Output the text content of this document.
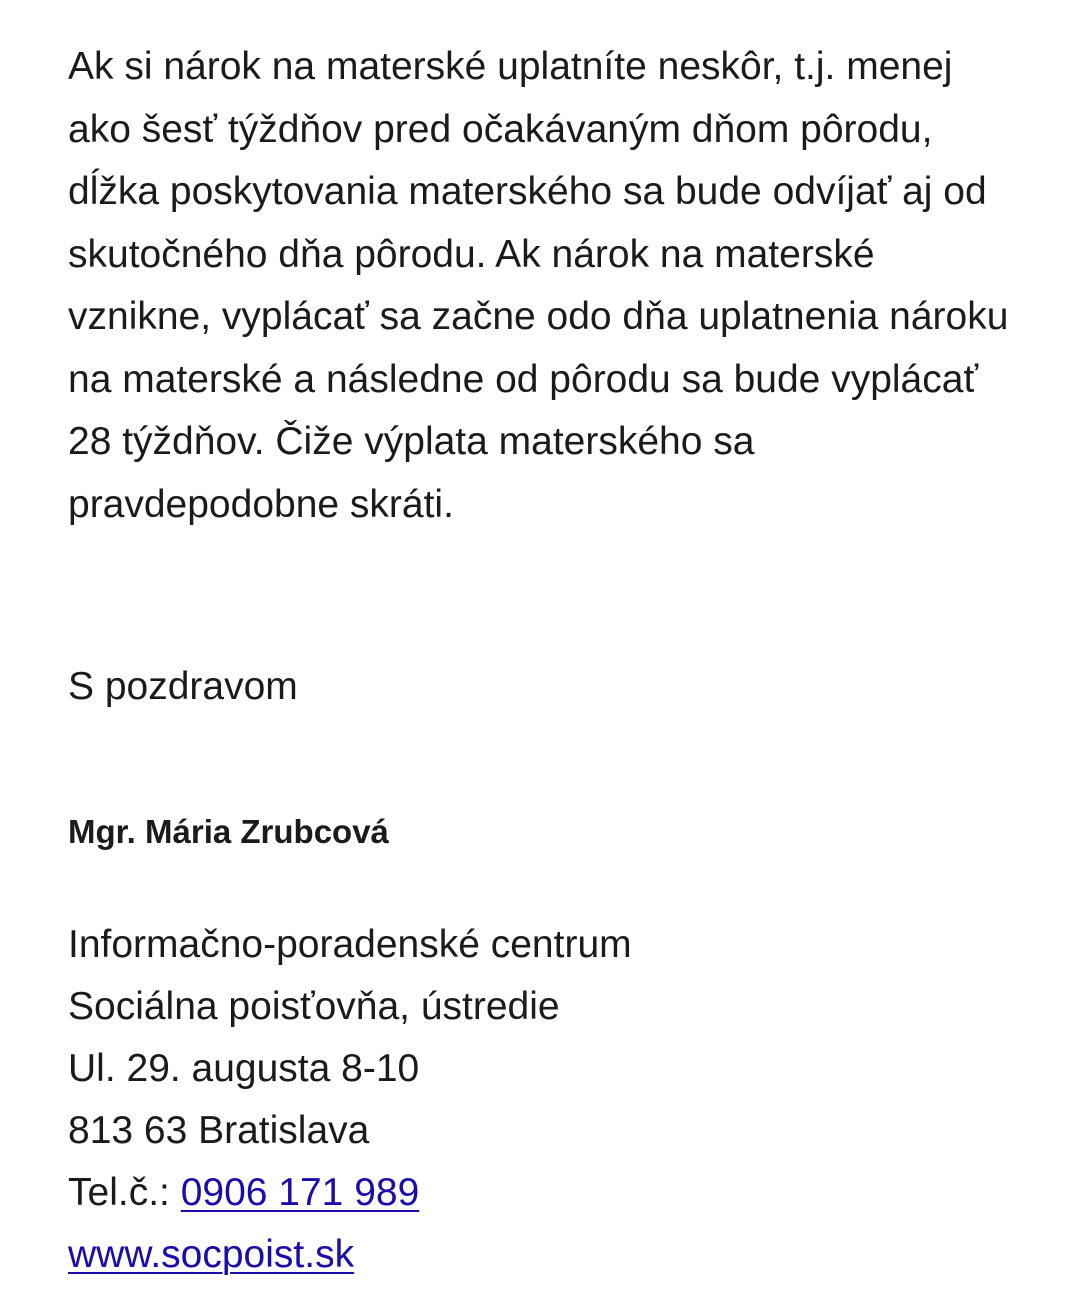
Ak si nárok na materské uplatníte neskôr, t.j. menej ako šesť týždňov pred očakávaným dňom pôrodu, dĺžka poskytovania materského sa bude odvíjať aj od skutočného dňa pôrodu. Ak nárok na materské vznikne, vyplácať sa začne odo dňa uplatnenia nároku na materské a následne od pôrodu sa bude vyplácať 28 týždňov. Čiže výplata materského sa pravdepodobne skráti.

S pozdravom

Mgr. Mária Zrubcová

Informačno-poradenské centrum
Sociálna poisťovňa, ústredie
Ul. 29. augusta 8-10
813 63 Bratislava
Tel.č.: 0906 171 989
www.socpoist.sk
